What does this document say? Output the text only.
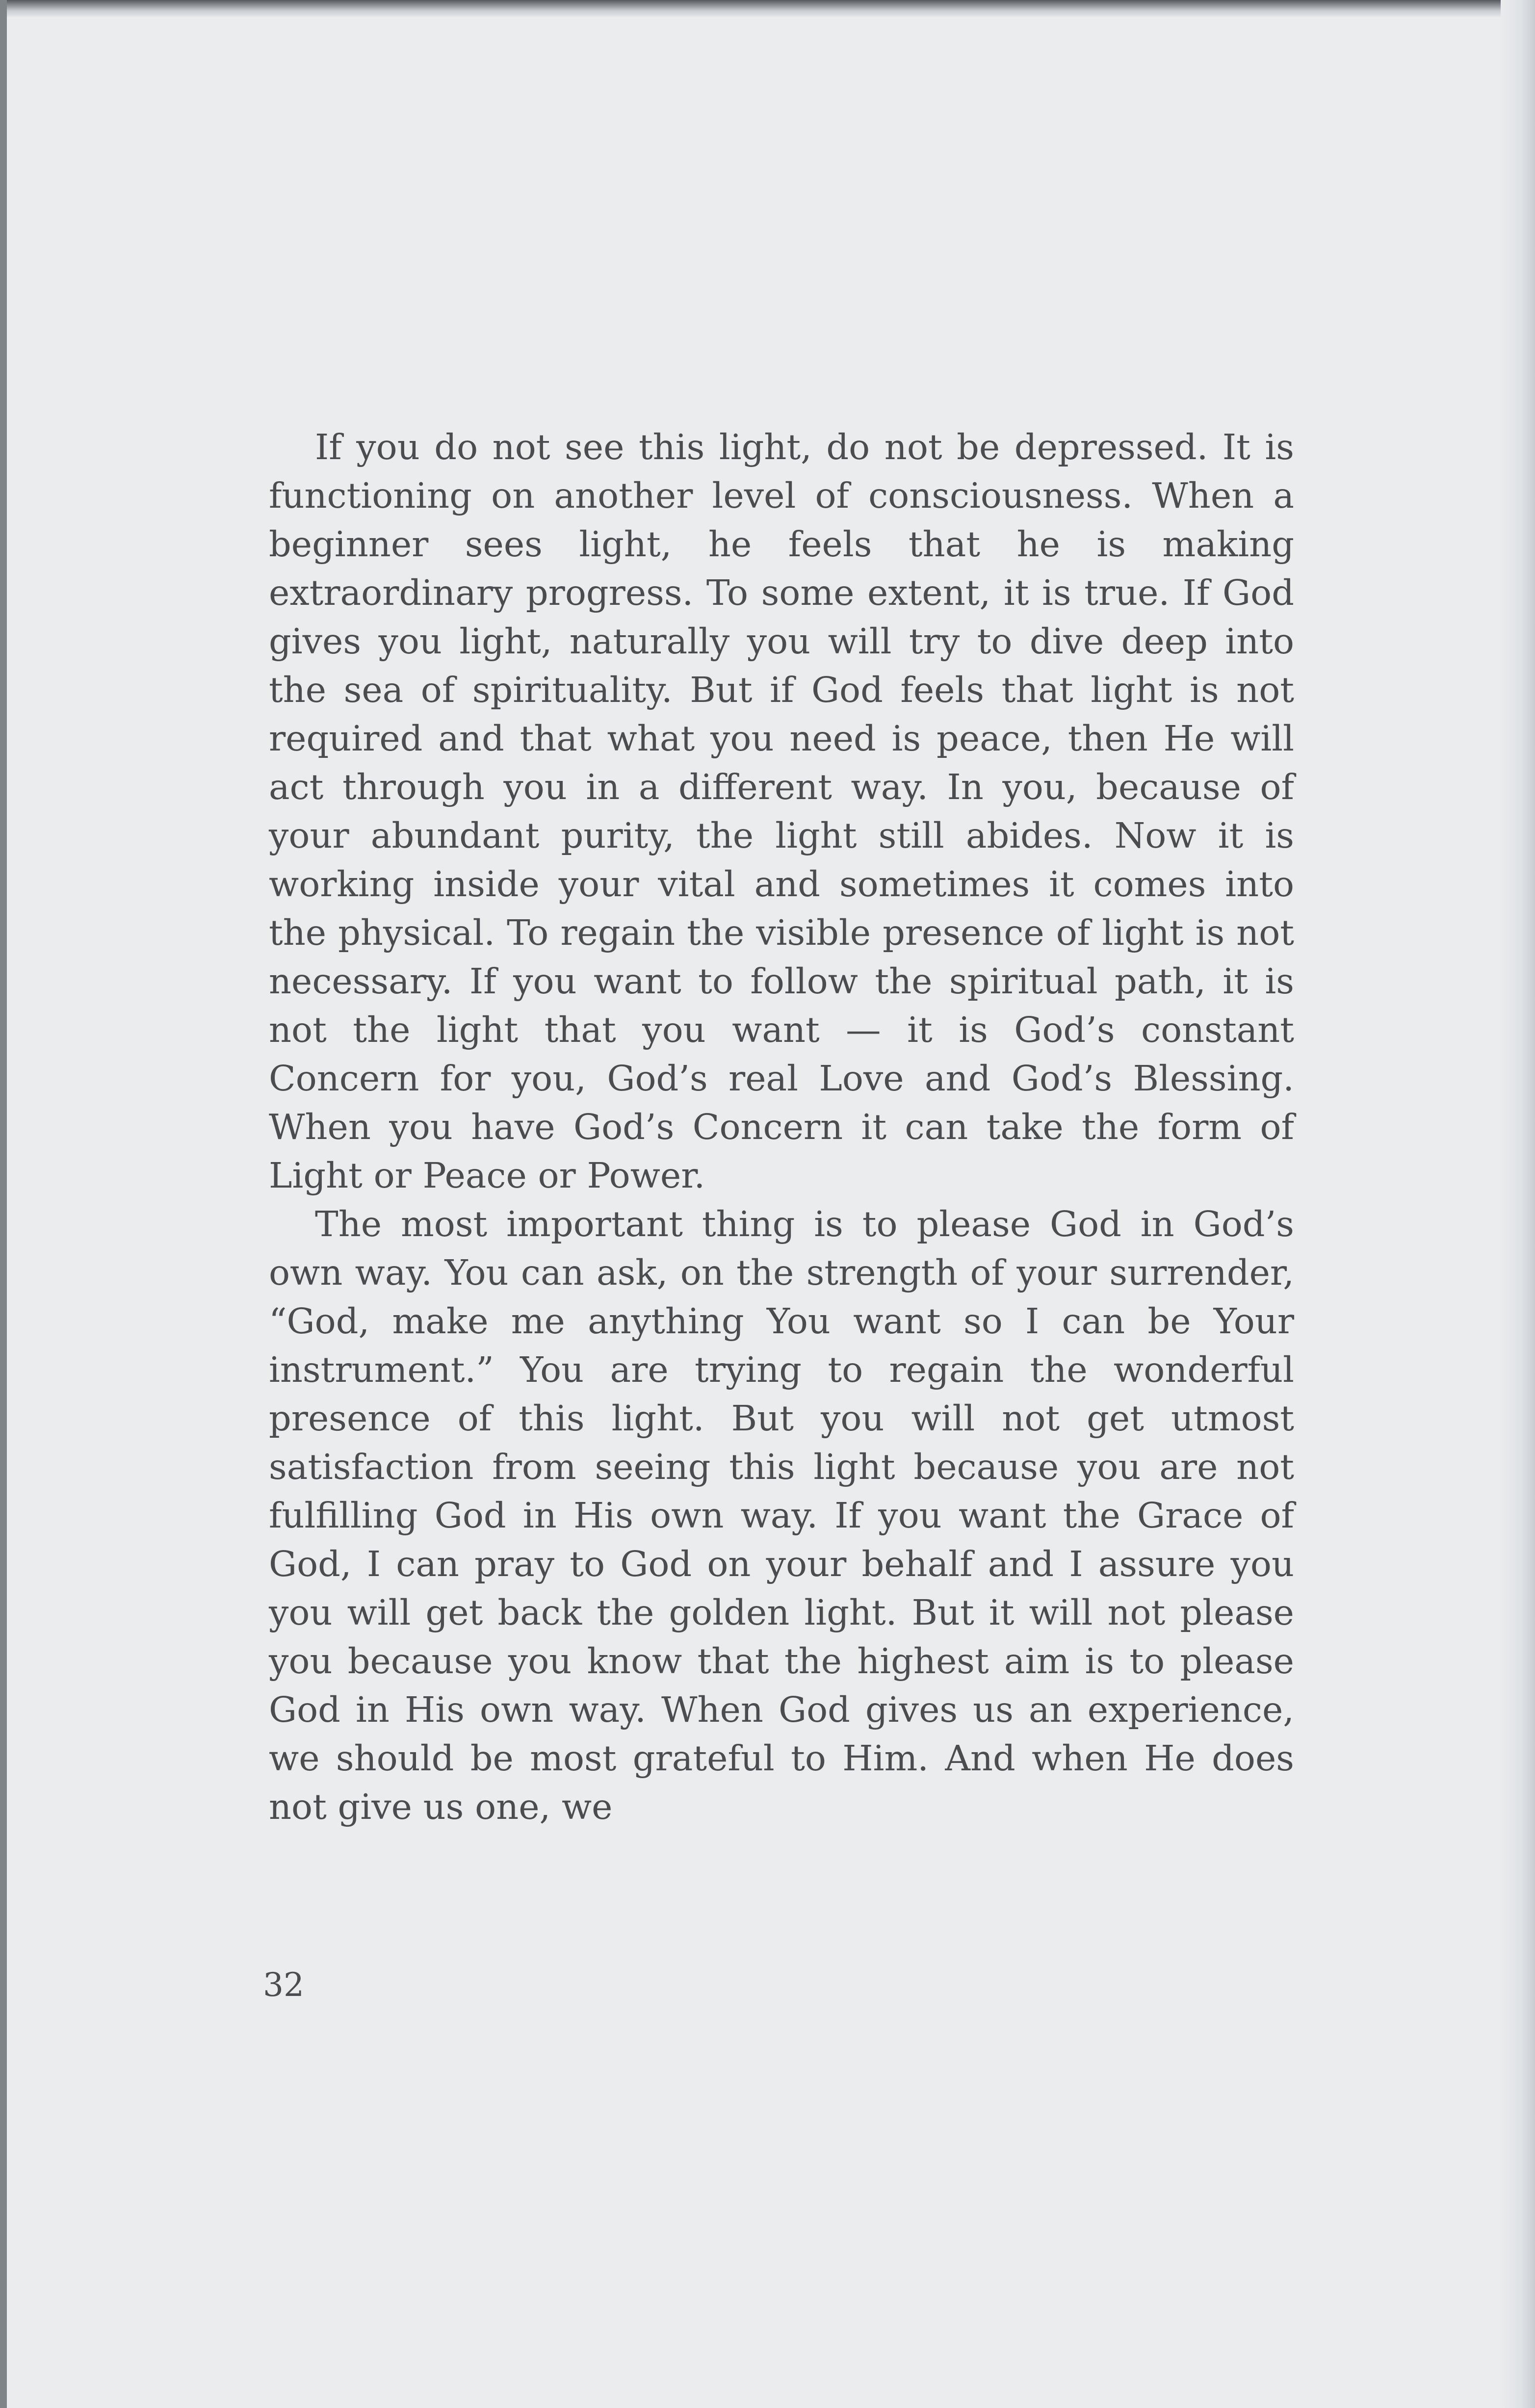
If you do not see this light, do not be depressed. It is functioning on another level of consciousness. When a beginner sees light, he feels that he is making extraordinary progress. To some extent, it is true. If God gives you light, naturally you will try to dive deep into the sea of spirituality. But if God feels that light is not required and that what you need is peace, then He will act through you in a different way. In you, because of your abundant purity, the light still abides. Now it is working inside your vital and sometimes it comes into the physical. To regain the visible presence of light is not necessary. If you want to follow the spiritual path, it is not the light that you want — it is God’s constant Concern for you, God’s real Love and God’s Blessing. When you have God’s Concern it can take the form of Light or Peace or Power.

The most important thing is to please God in God’s own way. You can ask, on the strength of your surrender, “God, make me anything You want so I can be Your instrument.” You are trying to regain the wonderful presence of this light. But you will not get utmost satisfaction from seeing this light because you are not fulfilling God in His own way. If you want the Grace of God, I can pray to God on your behalf and I assure you you will get back the golden light. But it will not please you because you know that the highest aim is to please God in His own way. When God gives us an experience, we should be most grateful to Him. And when He does not give us one, we

32
